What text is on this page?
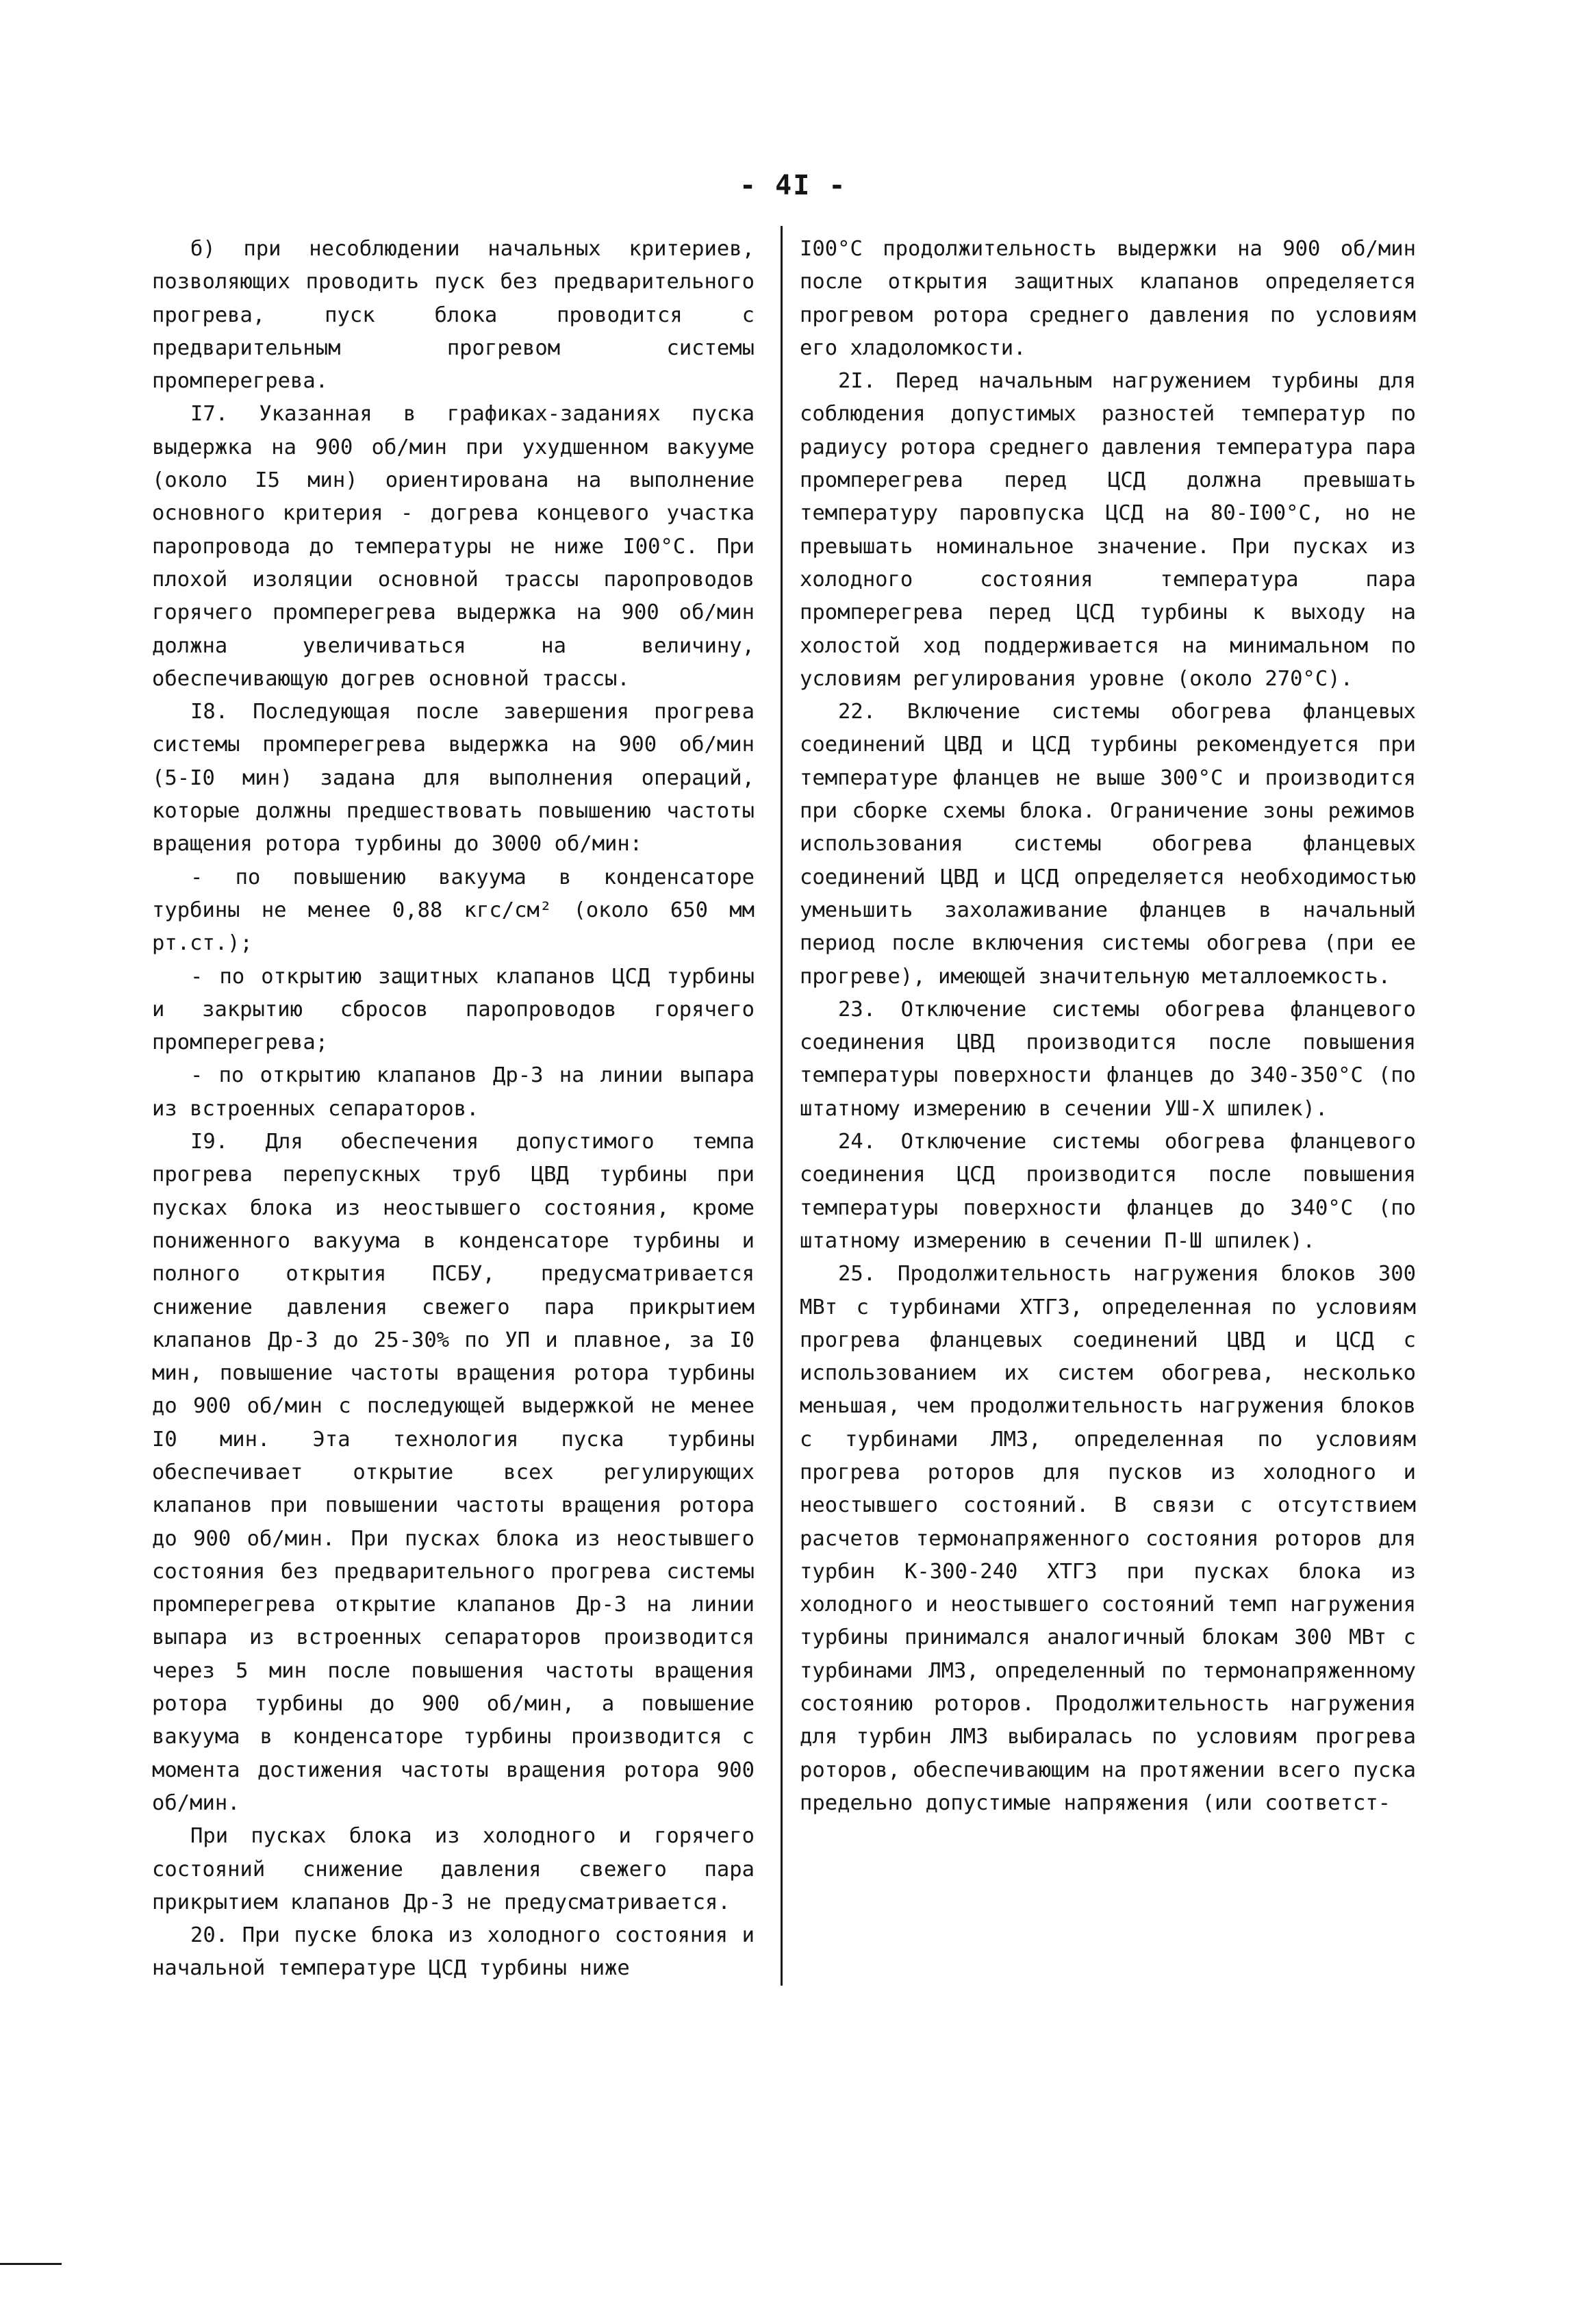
- 4I -

б) при несоблюдении начальных критериев, позволяющих проводить пуск без предварительного прогрева, пуск блока проводится с предварительным прогревом системы промперегрева.

I7. Указанная в графиках-заданиях пуска выдержка на 900 об/мин при ухудшенном вакууме (около I5 мин) ориентирована на выполнение основного критерия - догрева концевого участка паропровода до температуры не ниже I00°С. При плохой изоляции основной трассы паропроводов горячего промперегрева выдержка на 900 об/мин должна увеличиваться на величину, обеспечивающую догрев основной трассы.

I8. Последующая после завершения прогрева системы промперегрева выдержка на 900 об/мин (5-I0 мин) задана для выполнения операций, которые должны предшествовать повышению частоты вращения ротора турбины до 3000 об/мин:

- по повышению вакуума в конденсаторе турбины не менее 0,88 кгс/см² (около 650 мм рт.ст.);

- по открытию защитных клапанов ЦСД турбины и закрытию сбросов паропроводов горячего промперегрева;

- по открытию клапанов Др-3 на линии выпара из встроенных сепараторов.

I9. Для обеспечения допустимого темпа прогрева перепускных труб ЦВД турбины при пусках блока из неостывшего состояния, кроме пониженного вакуума в конденсаторе турбины и полного открытия ПСБУ, предусматривается снижение давления свежего пара прикрытием клапанов Др-3 до 25-30% по УП и плавное, за I0 мин, повышение частоты вращения ротора турбины до 900 об/мин с последующей выдержкой не менее I0 мин. Эта технология пуска турбины обеспечивает открытие всех регулирующих клапанов при повышении частоты вращения ротора до 900 об/мин. При пусках блока из неостывшего состояния без предварительного прогрева системы промперегрева открытие клапанов Др-3 на линии выпара из встроенных сепараторов производится через 5 мин после повышения частоты вращения ротора турбины до 900 об/мин, а повышение вакуума в конденсаторе турбины производится с момента достижения частоты вращения ротора 900 об/мин.

При пусках блока из холодного и горячего состояний снижение давления свежего пара прикрытием клапанов Др-3 не предусматривается.

20. При пуске блока из холодного состояния и начальной температуре ЦСД турбины ниже

I00°С продолжительность выдержки на 900 об/мин после открытия защитных клапанов определяется прогревом ротора среднего давления по условиям его хладоломкости.

2I. Перед начальным нагружением турбины для соблюдения допустимых разностей температур по радиусу ротора среднего давления температура пара промперегрева перед ЦСД должна превышать температуру паровпуска ЦСД на 80-I00°С, но не превышать номинальное значение. При пусках из холодного состояния температура пара промперегрева перед ЦСД турбины к выходу на холостой ход поддерживается на минимальном по условиям регулирования уровне (около 270°С).

22. Включение системы обогрева фланцевых соединений ЦВД и ЦСД турбины рекомендуется при температуре фланцев не выше 300°С и производится при сборке схемы блока. Ограничение зоны режимов использования системы обогрева фланцевых соединений ЦВД и ЦСД определяется необходимостью уменьшить захолаживание фланцев в начальный период после включения системы обогрева (при ее прогреве), имеющей значительную металлоемкость.

23. Отключение системы обогрева фланцевого соединения ЦВД производится после повышения температуры поверхности фланцев до 340-350°С (по штатному измерению в сечении УШ-Х шпилек).

24. Отключение системы обогрева фланцевого соединения ЦСД производится после повышения температуры поверхности фланцев до 340°С (по штатному измерению в сечении П-Ш шпилек).

25. Продолжительность нагружения блоков 300 МВт с турбинами ХТГЗ, определенная по условиям прогрева фланцевых соединений ЦВД и ЦСД с использованием их систем обогрева, несколько меньшая, чем продолжительность нагружения блоков с турбинами ЛМЗ, определенная по условиям прогрева роторов для пусков из холодного и неостывшего состояний. В связи с отсутствием расчетов термонапряженного состояния роторов для турбин К-300-240 ХТГЗ при пусках блока из холодного и неостывшего состояний темп нагружения турбины принимался аналогичный блокам 300 МВт с турбинами ЛМЗ, определенный по термонапряженному состоянию роторов. Продолжительность нагружения для турбин ЛМЗ выбиралась по условиям прогрева роторов, обеспечивающим на протяжении всего пуска предельно допустимые напряжения (или соответст-
